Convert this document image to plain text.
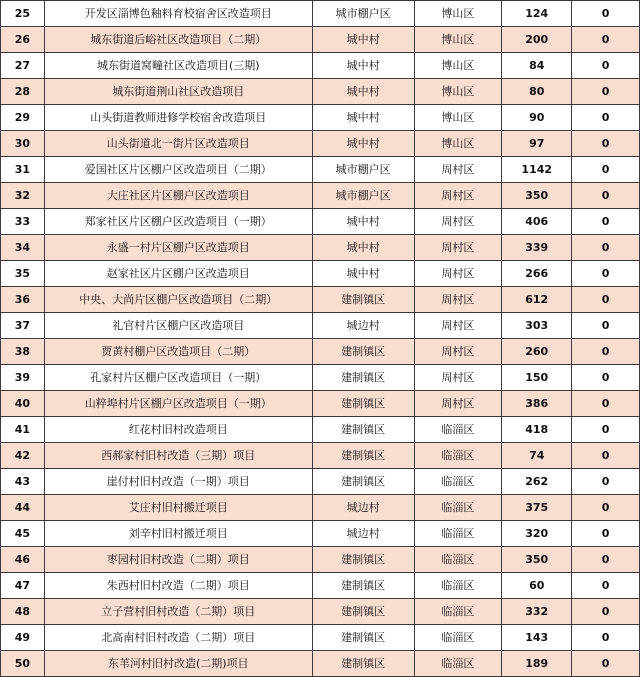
25	开发区淄博色釉料育校宿舍区改造项目	城市棚户区	博山区	124	0
26	城东街道后峪社区改造项目（二期）	城中村	博山区	200	0
27	城东街道窝疃社区改造项目(三期)	城中村	博山区	84	0
28	城东街道荆山社区改造项目	城中村	博山区	80	0
29	山头街道教师进修学校宿舍改造项目	城中村	博山区	90	0
30	山头街道北一街片区改造项目	城中村	博山区	97	0
31	爱国社区片区棚户区改造项目（二期）	城市棚户区	周村区	1142	0
32	大庄社区片区棚户区改造项目	城市棚户区	周村区	350	0
33	郑家社区片区棚户区改造项目（一期）	城中村	周村区	406	0
34	永盛一村片区棚户区改造项目	城中村	周村区	339	0
35	赵家社区片区棚户区改造项目	城中村	周村区	266	0
36	中央、大尚片区棚户区改造项目（二期）	建制镇区	周村区	612	0
37	礼官村片区棚户区改造项目	城边村	周村区	303	0
38	贾黄村棚户区改造项目（二期）	建制镇区	周村区	260	0
39	孔家村片区棚户区改造项目（一期）	建制镇区	周村区	150	0
40	山粹埠村片区棚户区改造项目（一期）	建制镇区	周村区	386	0
41	红花村旧村改造项目	建制镇区	临淄区	418	0
42	西郝家村旧村改造（三期）项目	建制镇区	临淄区	74	0
43	崖付村旧村改造（一期）项目	建制镇区	临淄区	262	0
44	艾庄村旧村搬迁项目	城边村	临淄区	375	0
45	刘辛村旧村搬迁项目	城边村	临淄区	320	0
46	枣园村旧村改造（二期）项目	建制镇区	临淄区	350	0
47	朱西村旧村改造（二期）项目	建制镇区	临淄区	60	0
48	立子营村旧村改造（二期）项目	建制镇区	临淄区	332	0
49	北高南村旧村改造（二期）项目	建制镇区	临淄区	143	0
50	东苇河村旧村改造(二期)项目	建制镇区	临淄区	189	0
